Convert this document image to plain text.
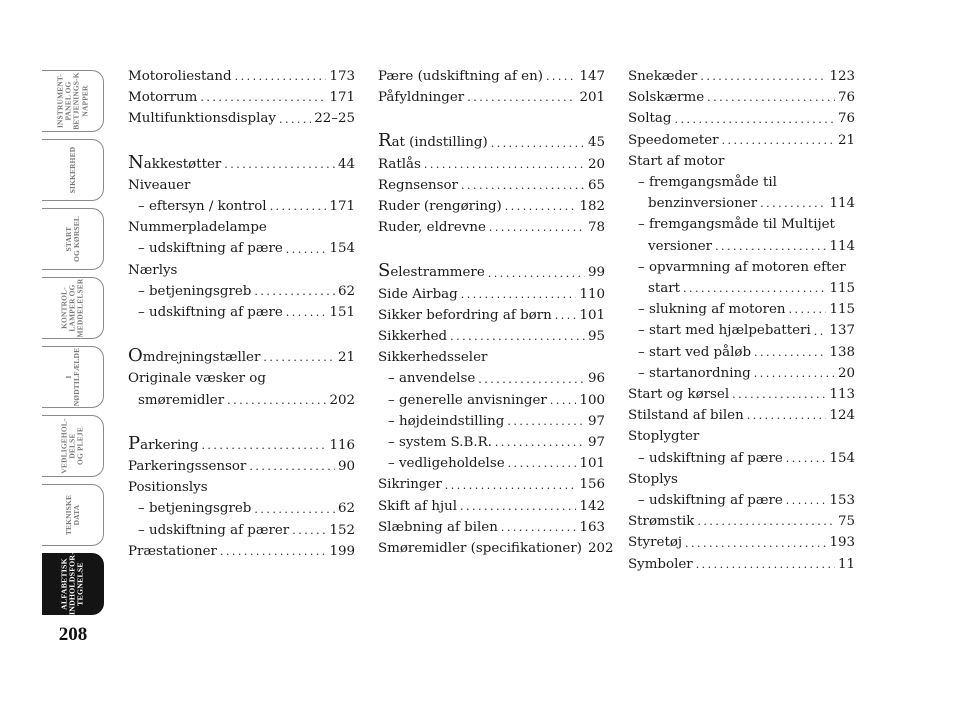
INSTRUMENT-
PANEL OG
BETJENINGS-K
NAPPER
SIKKERHED
START
OG KØRSEL
KONTROL-
LAMPER OG
MEDDELELSER
I
NØDTILFÆLDE
VEDLIGEHOL-
DELSE
OG PLEJE
TEKNISKE
DATA
ALFABETISK
INDHOLDSFOR-
TEGNELSE
208
Motoroliestand . . .	173
Motorrum . . .	171
Multifunktionsdisplay . . .	22–25
Nakkestøtter . . .	44
Niveauer
– eftersyn / kontrol . . .	171
Nummerpladelampe
– udskiftning af pære . . .	154
Nærlys
– betjeningsgreb . . .	62
– udskiftning af pære . . .	151
Omdrejningstæller . . .	21
Originale væsker og
smøremidler . . .	202
Parkering . . .	116
Parkeringssensor . . .	90
Positionslys
– betjeningsgreb . . .	62
– udskiftning af pærer . . .	152
Præstationer . . .	199
Pære (udskiftning af en) . . .	147
Påfyldninger . . .	201
Rat (indstilling) . . .	45
Ratlås . . .	20
Regnsensor . . .	65
Ruder (rengøring) . . .	182
Ruder, eldrevne . . .	78
Selestrammere . . .	99
Side Airbag . . .	110
Sikker befordring af børn . . . 101
Sikkerhed . . .	95
Sikkerhedsseler
– anvendelse . . .	96
– generelle anvisninger . . . 100
– højdeindstilling . . .	97
– system S.B.R. . . .	97
– vedligeholdelse . . .	101
Sikringer . . .	156
Skift af hjul . . .	142
Slæbning af bilen . . .	163
Smøremidler (specifikationer) 202
Snekæder . . .	123
Solskærme . . .	76
Soltag . . .	76
Speedometer . . .	21
Start af motor
– fremgangsmåde til
benzinversioner . . .	114
– fremgangsmåde til Multijet
versioner . . .	114
– opvarmning af motoren efter
start . . .	115
– slukning af motoren . . .	115
– start med hjælpebatteri . . . 137
– start ved påløb . . .	138
– startanordning . . .	20
Start og kørsel . . .	113
Stilstand af bilen . . .	124
Stoplygter
– udskiftning af pære . . .	154
Stoplys
– udskiftning af pære . . .	153
Strømstik . . .	75
Styretøj . . .	193
Symboler . . .	11
